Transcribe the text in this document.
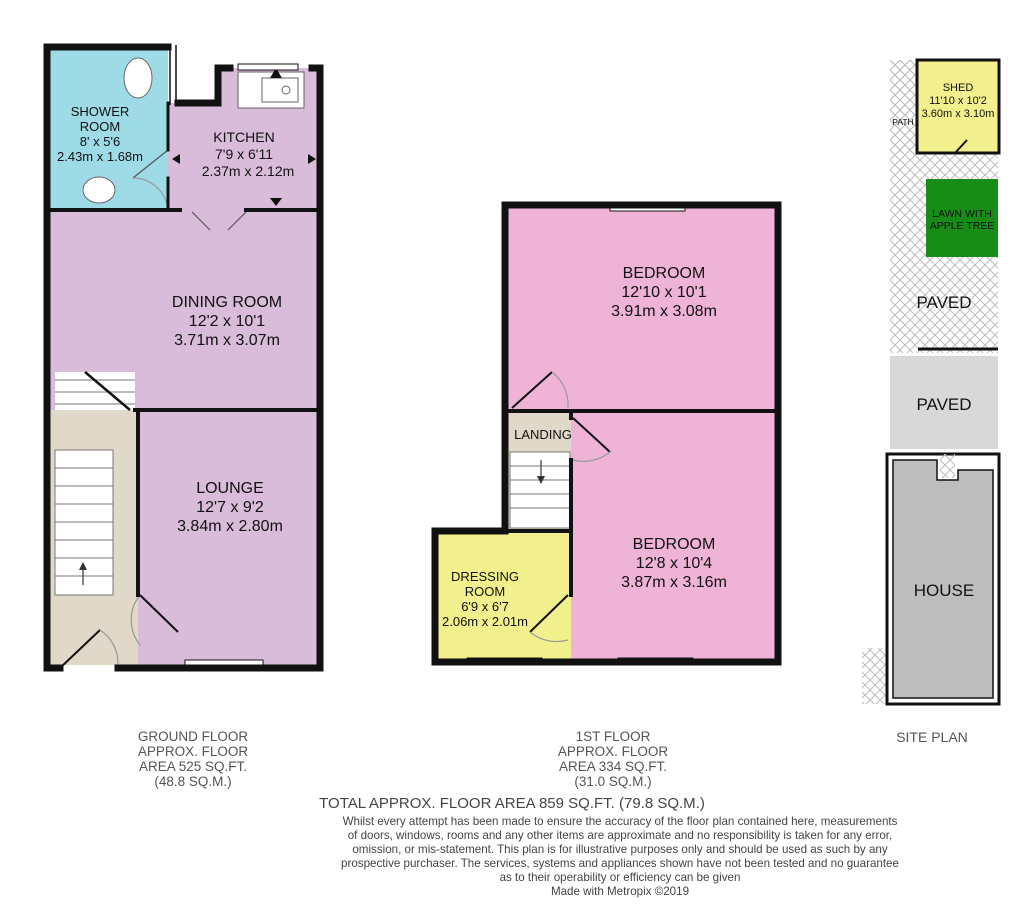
SHOWER
ROOM
8' x 5'6
2.43m x 1.68m
KITCHEN
7'9 x 6'11
2.37m x 2.12m
DINING ROOM
12'2 x 10'1
3.71m x 3.07m
LOUNGE
12'7 x 9'2
3.84m x 2.80m
BEDROOM
12'10 x 10'1
3.91m x 3.08m
LANDING
BEDROOM
12'8 x 10'4
3.87m x 3.16m
DRESSING
ROOM
6'9 x 6'7
2.06m x 2.01m
SHED
11'10 x 10'2
3.60m x 3.10m
PATH
LAWN WITH
APPLE TREE
PAVED
PAVED
HOUSE
GROUND FLOOR
APPROX. FLOOR
AREA 525 SQ.FT.
(48.8 SQ.M.)
1ST FLOOR
APPROX. FLOOR
AREA 334 SQ.FT.
(31.0 SQ.M.)
SITE PLAN
TOTAL APPROX. FLOOR AREA 859 SQ.FT. (79.8 SQ.M.)
Whilst every attempt has been made to ensure the accuracy of the floor plan contained here, measurements
of doors, windows, rooms and any other items are approximate and no responsibility is taken for any error,
omission, or mis-statement. This plan is for illustrative purposes only and should be used as such by any
prospective purchaser. The services, systems and appliances shown have not been tested and no guarantee
as to their operability or efficiency can be given
Made with Metropix ©2019
